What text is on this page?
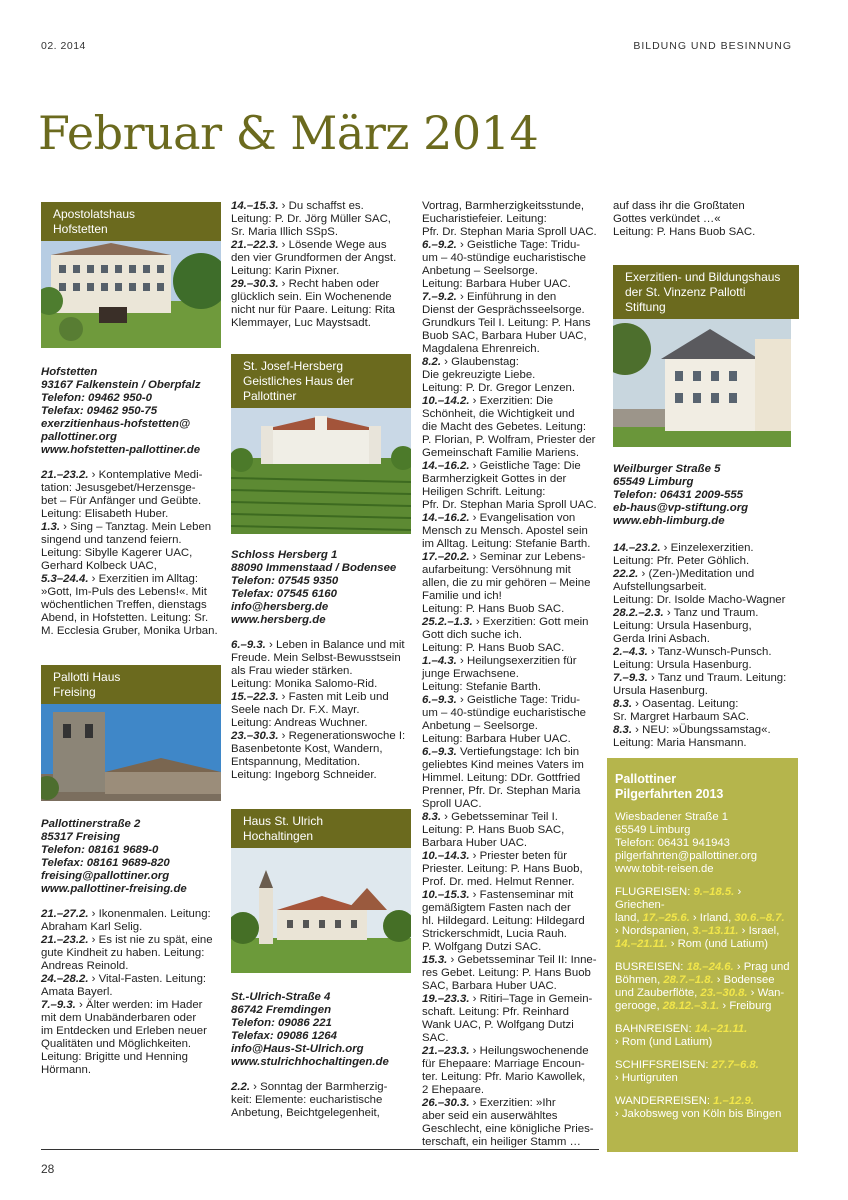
02. 2014	BILDUNG UND BESINNUNG
Februar & März 2014
Apostolatshaus
Hofstetten
Hofstetten
93167 Falkenstein / Oberpfalz
Telefon: 09462 950-0
Telefax: 09462 950-75
exerzitienhaus-hofstetten@
pallottiner.org
www.hofstetten-pallottiner.de
21.–23.2. › Kontemplative Medi-
tation: Jesusgebet/Herzensge-
bet – Für Anfänger und Geübte.
Leitung: Elisabeth Huber.
1.3. › Sing – Tanztag. Mein Leben
singend und tanzend feiern.
Leitung: Sibylle Kagerer UAC,
Gerhard Kolbeck UAC,
5.3–24.4. › Exerzitien im Alltag:
»Gott, Im-Puls des Lebens!«. Mit
wöchentlichen Treffen, dienstags
Abend, in Hofstetten. Leitung: Sr.
M. Ecclesia Gruber, Monika Urban.
Pallotti Haus
Freising
Pallottinerstraße 2
85317 Freising
Telefon: 08161 9689-0
Telefax: 08161 9689-820
freising@pallottiner.org
www.pallottiner-freising.de
21.–27.2. › Ikonenmalen. Leitung:
Abraham Karl Selig.
21.–23.2. › Es ist nie zu spät, eine
gute Kindheit zu haben. Leitung:
Andreas Reinold.
24.–28.2. › Vital-Fasten. Leitung:
Amata Bayerl.
7.–9.3. › Älter werden: im Hader
mit dem Unabänderbaren oder
im Entdecken und Erleben neuer
Qualitäten und Möglichkeiten.
Leitung: Brigitte und Henning
Hörmann.
14.–15.3. › Du schaffst es.
Leitung: P. Dr. Jörg Müller SAC,
Sr. Maria Illich SSpS.
21.–22.3. › Lösende Wege aus
den vier Grundformen der Angst.
Leitung: Karin Pixner.
29.–30.3. › Recht haben oder
glücklich sein. Ein Wochenende
nicht nur für Paare. Leitung: Rita
Klemmayer, Luc Maystsadt.
St. Josef-Hersberg
Geistliches Haus der Pallottiner
Schloss Hersberg 1
88090 Immenstaad / Bodensee
Telefon: 07545 9350
Telefax: 07545 6160
info@hersberg.de
www.hersberg.de
6.–9.3. › Leben in Balance und mit
Freude. Mein Selbst-Bewusstsein
als Frau wieder stärken.
Leitung: Monika Salomo-Rid.
15.–22.3. › Fasten mit Leib und
Seele nach Dr. F.X. Mayr.
Leitung: Andreas Wuchner.
23.–30.3. › Regenerationswoche I:
Basenbetonte Kost, Wandern,
Entspannung, Meditation.
Leitung: Ingeborg Schneider.
Haus St. Ulrich
Hochaltingen
St.-Ulrich-Straße 4
86742 Fremdingen
Telefon: 09086 221
Telefax: 09086 1264
info@Haus-St-Ulrich.org
www.stulrichhochaltingen.de
2.2. › Sonntag der Barmherzig-
keit: Elemente: eucharistische
Anbetung, Beichtgelegenheit,
Vortrag, Barmherzigkeitsstunde,
Eucharistiefeier. Leitung:
Pfr. Dr. Stephan Maria Sproll UAC.
6.–9.2. › Geistliche Tage: Tridu-
um – 40-stündige eucharistische
Anbetung – Seelsorge.
Leitung: Barbara Huber UAC.
7.–9.2. › Einführung in den
Dienst der Gesprächsseelsorge.
Grundkurs Teil I. Leitung: P. Hans
Buob SAC, Barbara Huber UAC,
Magdalena Ehrenreich.
8.2. › Glaubenstag:
Die gekreuzigte Liebe.
Leitung: P. Dr. Gregor Lenzen.
10.–14.2. › Exerzitien: Die
Schönheit, die Wichtigkeit und
die Macht des Gebetes. Leitung:
P. Florian, P. Wolfram, Priester der
Gemeinschaft Familie Mariens.
14.–16.2. › Geistliche Tage: Die
Barmherzigkeit Gottes in der
Heiligen Schrift. Leitung:
Pfr. Dr. Stephan Maria Sproll UAC.
14.–16.2. › Evangelisation von
Mensch zu Mensch. Apostel sein
im Alltag. Leitung: Stefanie Barth.
17.–20.2. › Seminar zur Lebens-
aufarbeitung: Versöhnung mit
allen, die zu mir gehören – Meine
Familie und ich!
Leitung: P. Hans Buob SAC.
25.2.–1.3. › Exerzitien: Gott mein
Gott dich suche ich.
Leitung: P. Hans Buob SAC.
1.–4.3. › Heilungsexerzitien für
junge Erwachsene.
Leitung: Stefanie Barth.
6.–9.3. › Geistliche Tage: Tridu-
um – 40-stündige eucharistische
Anbetung – Seelsorge.
Leitung: Barbara Huber UAC.
6.–9.3. Vertiefungstage: Ich bin
geliebtes Kind meines Vaters im
Himmel. Leitung: DDr. Gottfried
Prenner, Pfr. Dr. Stephan Maria
Sproll UAC.
8.3. › Gebetsseminar Teil I.
Leitung: P. Hans Buob SAC,
Barbara Huber UAC.
10.–14.3. › Priester beten für
Priester. Leitung: P. Hans Buob,
Prof. Dr. med. Helmut Renner.
10.–15.3. › Fastenseminar mit
gemäßigtem Fasten nach der
hl. Hildegard. Leitung: Hildegard
Strickerschmidt, Lucia Rauh.
P. Wolfgang Dutzi SAC.
15.3. › Gebetsseminar Teil II: Inne-
res Gebet. Leitung: P. Hans Buob
SAC, Barbara Huber UAC.
19.–23.3. › Ritiri–Tage in Gemein-
schaft. Leitung: Pfr. Reinhard
Wank UAC, P. Wolfgang Dutzi SAC.
21.–23.3. › Heilungswochenende
für Ehepaare: Marriage Encoun-
ter. Leitung: Pfr. Mario Kawollek,
2 Ehepaare.
26.–30.3. › Exerzitien: »Ihr
aber seid ein auserwähltes
Geschlecht, eine königliche Pries-
terschaft, ein heiliger Stamm …
auf dass ihr die Großtaten
Gottes verkündet …«
Leitung: P. Hans Buob SAC.
Exerzitien- und Bildungshaus
der St. Vinzenz Pallotti Stiftung
Weilburger Straße 5
65549 Limburg
Telefon: 06431 2009-555
eb-haus@vp-stiftung.org
www.ebh-limburg.de
14.–23.2. › Einzelexerzitien.
Leitung: Pfr. Peter Göhlich.
22.2. › (Zen-)Meditation und
Aufstellungsarbeit.
Leitung: Dr. Isolde Macho-Wagner
28.2.–2.3. › Tanz und Traum.
Leitung: Ursula Hasenburg,
Gerda Irini Asbach.
2.–4.3. › Tanz-Wunsch-Punsch.
Leitung: Ursula Hasenburg.
7.–9.3. › Tanz und Traum. Leitung:
Ursula Hasenburg.
8.3. › Oasentag. Leitung:
Sr. Margret Harbaum SAC.
8.3. › NEU: »Übungssamstag«.
Leitung: Maria Hansmann.
Pallottiner
Pilgerfahrten 2013
Wiesbadener Straße 1
65549 Limburg
Telefon: 06431 941943
pilgerfahrten@pallottiner.org
www.tobit-reisen.de
FLUGREISEN: 9.–18.5. › Griechen-
land, 17.–25.6. › Irland, 30.6.–8.7.
› Nordspanien, 3.–13.11. › Israel,
14.–21.11. › Rom (und Latium)
BUSREISEN: 18.–24.6. › Prag und
Böhmen, 28.7.–1.8. › Bodensee
und Zauberflöte, 23.–30.8. › Wan-
gerooge, 28.12.–3.1. › Freiburg
BAHNREISEN: 14.–21.11.
› Rom (und Latium)
SCHIFFSREISEN: 27.7–6.8.
› Hurtigruten
WANDERREISEN: 1.–12.9.
› Jakobsweg von Köln bis Bingen
28
